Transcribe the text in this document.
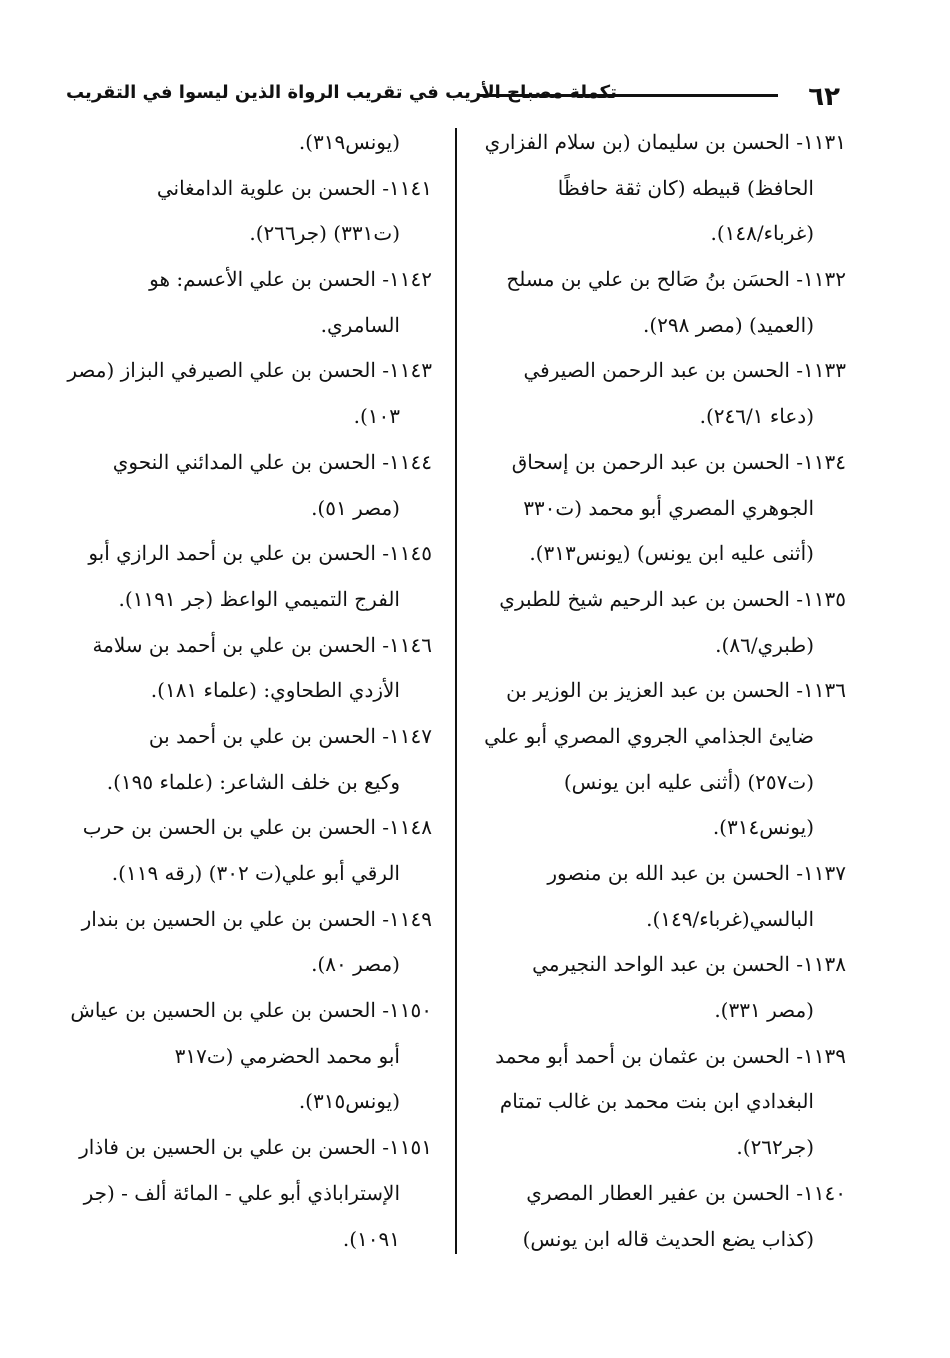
٦٢
تكملة مصباح الأريب في تقريب الرواة الذين ليسوا في التقريب
١١٣١- الحسن بن سليمان (بن سلام الفزاري
الحافظ) قبيطه (كان ثقة حافظًا
(غرباء/١٤٨).
١١٣٢- الحسَن بنُ صَالح بن علي بن مسلح
(العميد) (مصر ٢٩٨).
١١٣٣- الحسن بن عبد الرحمن الصيرفي
(دعاء ٢٤٦/١).
١١٣٤- الحسن بن عبد الرحمن بن إسحاق
الجوهري المصري أبو محمد (ت٣٣٠
(أثنى عليه ابن يونس) (يونس٣١٣).
١١٣٥- الحسن بن عبد الرحيم شيخ للطبري
(طبري/٨٦).
١١٣٦- الحسن بن عبد العزيز بن الوزير بن
ضايئ الجذامي الجروي المصري أبو علي
(ت٢٥٧) (أثنى عليه ابن يونس)
(يونس٣١٤).
١١٣٧- الحسن بن عبد الله بن منصور
البالسي(غرباء/١٤٩).
١١٣٨- الحسن بن عبد الواحد النجيرمي
(مصر ٣٣١).
١١٣٩- الحسن بن عثمان بن أحمد أبو محمد
البغدادي ابن بنت محمد بن غالب تمتام
(جر٢٦٢).
١١٤٠- الحسن بن عفير العطار المصري
(كذاب يضع الحديث قاله ابن يونس)
(يونس٣١٩).
١١٤١- الحسن بن علوية الدامغاني
(ت٣٣١) (جر٢٦٦).
١١٤٢- الحسن بن علي الأعسم: هو
السامري.
١١٤٣- الحسن بن علي الصيرفي البزاز (مصر
١٠٣).
١١٤٤- الحسن بن علي المدائني النحوي
(مصر ٥١).
١١٤٥- الحسن بن علي بن أحمد الرازي أبو
الفرج التميمي الواعظ (جر ١١٩١).
١١٤٦- الحسن بن علي بن أحمد بن سلامة
الأزدي الطحاوي: (علماء ١٨١).
١١٤٧- الحسن بن علي بن أحمد بن
وكيع بن خلف الشاعر: (علماء ١٩٥).
١١٤٨- الحسن بن علي بن الحسن بن حرب
الرقي أبو علي(ت ٣٠٢) (رقه ١١٩).
١١٤٩- الحسن بن علي بن الحسين بن بندار
(مصر ٨٠).
١١٥٠- الحسن بن علي بن الحسين بن عياش
أبو محمد الحضرمي (ت٣١٧
(يونس٣١٥).
١١٥١- الحسن بن علي بن الحسين بن فاذار
الإستراباذي أبو علي - المائة ألف - (جر
١٠٩١).
